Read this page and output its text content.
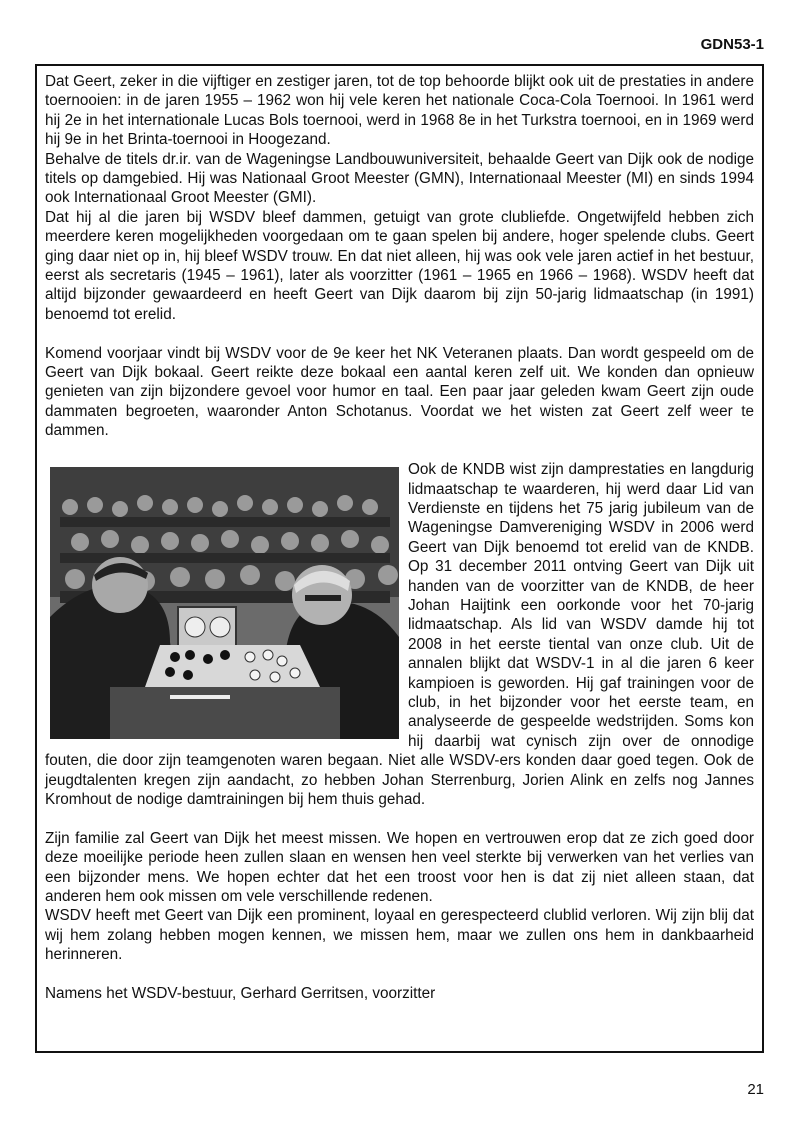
GDN53-1

Dat Geert, zeker in die vijftiger en zestiger jaren, tot de top behoorde blijkt ook uit de prestaties in andere toernooien: in de jaren 1955 – 1962 won hij vele keren het nationale Coca-Cola Toernooi. In 1961 werd hij 2e in het internationale Lucas Bols toernooi, werd in 1968 8e in het Turkstra toernooi, en in 1969 werd hij 9e in het Brinta-toernooi in Hoogezand.

Behalve de titels dr.ir. van de Wageningse Landbouwuniversiteit, behaalde Geert van Dijk ook de nodige titels op damgebied. Hij was Nationaal Groot Meester (GMN), Internationaal Meester (MI) en sinds 1994 ook Internationaal Groot Meester (GMI).

Dat hij al die jaren bij WSDV bleef dammen, getuigt van grote clubliefde. Ongetwijfeld hebben zich meerdere keren mogelijkheden voorgedaan om te gaan spelen bij andere, hoger spelende clubs. Geert ging daar niet op in, hij bleef WSDV trouw. En dat niet alleen, hij was ook vele jaren actief in het bestuur, eerst als secretaris (1945 – 1961), later als voorzitter (1961 – 1965 en 1966 – 1968). WSDV heeft dat altijd bijzonder gewaardeerd en heeft Geert van Dijk daarom bij zijn 50-jarig lidmaatschap (in 1991) benoemd tot erelid.

Komend voorjaar vindt bij WSDV voor de 9e keer het NK Veteranen plaats. Dan wordt gespeeld om de Geert van Dijk bokaal. Geert reikte deze bokaal een aantal keren zelf uit. We konden dan opnieuw genieten van zijn bijzondere gevoel voor humor en taal. Een paar jaar geleden kwam Geert zijn oude dammaten begroeten, waaronder Anton Schotanus. Voordat we het wisten zat Geert zelf weer te dammen.

Ook de KNDB wist zijn damprestaties en langdurig lidmaatschap te waarderen, hij werd daar Lid van Verdienste en tijdens het 75 jarig jubileum van de Wageningse Damvereniging WSDV in 2006 werd Geert van Dijk benoemd tot erelid van de KNDB. Op 31 december 2011 ontving Geert van Dijk uit handen van de voorzitter van de KNDB, de heer Johan Haijtink een oorkonde voor het 70-jarig lidmaatschap. Als lid van WSDV damde hij tot 2008 in het eerste tiental van onze club. Uit de annalen blijkt dat WSDV-1 in al die jaren 6 keer kampioen is geworden. Hij gaf trainingen voor de club, in het bijzonder voor het eerste team, en analyseerde de gespeelde wedstrijden. Soms kon hij daarbij wat cynisch zijn over de onnodige fouten, die door zijn teamgenoten waren begaan. Niet alle WSDV-ers konden daar goed tegen. Ook de jeugdtalenten kregen zijn aandacht, zo hebben Johan Sterrenburg, Jorien Alink en zelfs nog Jannes Kromhout de nodige damtrainingen bij hem thuis gehad.

Zijn familie zal Geert van Dijk het meest missen. We hopen en vertrouwen erop dat ze zich goed door deze moeilijke periode heen zullen slaan en wensen hen veel sterkte bij verwerken van het verlies van een bijzonder mens. We hopen echter dat het een troost voor hen is dat zij niet alleen staan, dat anderen hem ook missen om vele verschillende redenen.

WSDV heeft met Geert van Dijk een prominent, loyaal en gerespecteerd clublid verloren. Wij zijn blij dat wij hem zolang hebben mogen kennen, we missen hem, maar we zullen ons hem in dankbaarheid herinneren.

Namens het WSDV-bestuur, Gerhard Gerritsen, voorzitter

21
